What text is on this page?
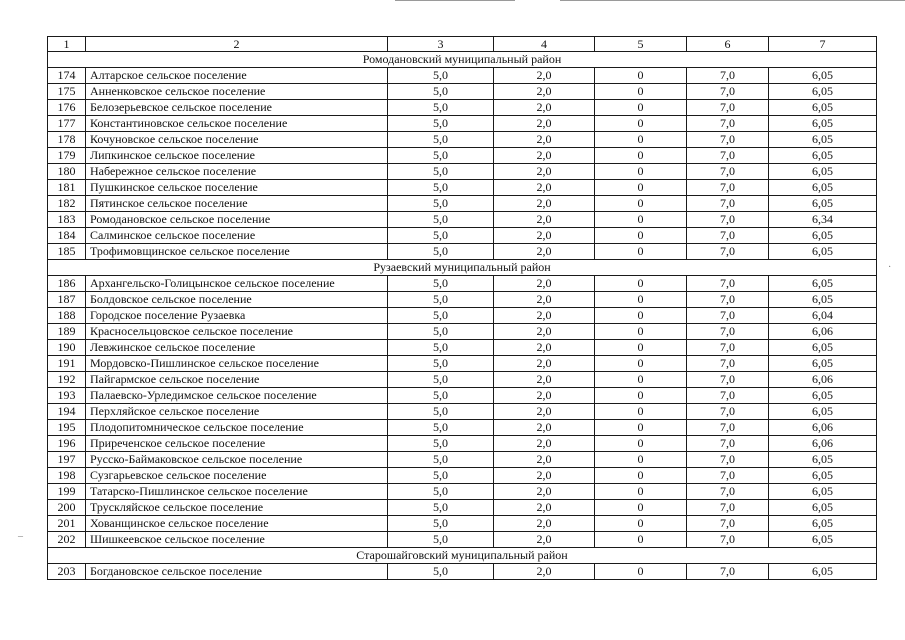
·
–
1	2	3	4	5	6	7
Ромодановский муниципальный район						
174	Алтарское сельское поселение	5,0	2,0	0	7,0	6,05
175	Анненковское сельское поселение	5,0	2,0	0	7,0	6,05
176	Белозерьевское сельское поселение	5,0	2,0	0	7,0	6,05
177	Константиновское сельское поселение	5,0	2,0	0	7,0	6,05
178	Кочуновское сельское поселение	5,0	2,0	0	7,0	6,05
179	Липкинское сельское поселение	5,0	2,0	0	7,0	6,05
180	Набережное сельское поселение	5,0	2,0	0	7,0	6,05
181	Пушкинское сельское поселение	5,0	2,0	0	7,0	6,05
182	Пятинское сельское поселение	5,0	2,0	0	7,0	6,05
183	Ромодановское сельское поселение	5,0	2,0	0	7,0	6,34
184	Салминское сельское поселение	5,0	2,0	0	7,0	6,05
185	Трофимовщинское сельское поселение	5,0	2,0	0	7,0	6,05
Рузаевский муниципальный район						
186	Архангельско-Голицынское сельское поселение	5,0	2,0	0	7,0	6,05
187	Болдовское сельское поселение	5,0	2,0	0	7,0	6,05
188	Городское поселение Рузаевка	5,0	2,0	0	7,0	6,04
189	Красносельцовское сельское поселение	5,0	2,0	0	7,0	6,06
190	Левжинское сельское поселение	5,0	2,0	0	7,0	6,05
191	Мордовско-Пишлинское сельское поселение	5,0	2,0	0	7,0	6,05
192	Пайгармское сельское поселение	5,0	2,0	0	7,0	6,06
193	Палаевско-Урледимское сельское поселение	5,0	2,0	0	7,0	6,05
194	Перхляйское сельское поселение	5,0	2,0	0	7,0	6,05
195	Плодопитомническое сельское поселение	5,0	2,0	0	7,0	6,06
196	Приреченское сельское поселение	5,0	2,0	0	7,0	6,06
197	Русско-Баймаковское сельское поселение	5,0	2,0	0	7,0	6,05
198	Сузгарьевское сельское поселение	5,0	2,0	0	7,0	6,05
199	Татарско-Пишлинское сельское поселение	5,0	2,0	0	7,0	6,05
200	Трускляйское сельское поселение	5,0	2,0	0	7,0	6,05
201	Хованщинское сельское поселение	5,0	2,0	0	7,0	6,05
202	Шишкеевское сельское поселение	5,0	2,0	0	7,0	6,05
Старошайговский муниципальный район						
203	Богдановское сельское поселение	5,0	2,0	0	7,0	6,05
